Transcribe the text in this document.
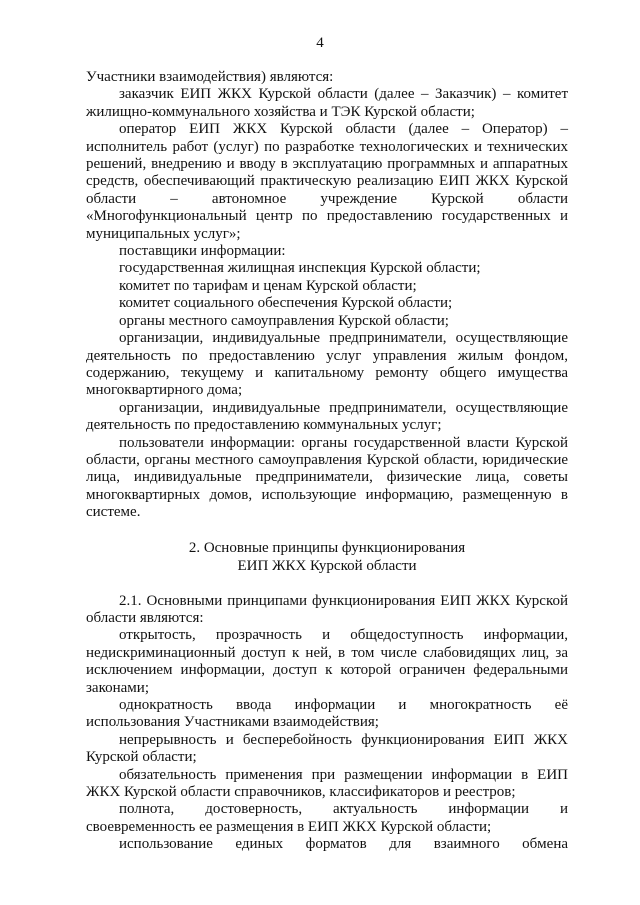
4

Участники взаимодействия) являются:

заказчик ЕИП ЖКХ Курской области (далее – Заказчик) – комитет жилищно-коммунального хозяйства и ТЭК Курской области;

оператор ЕИП ЖКХ Курской области (далее – Оператор) – исполнитель работ (услуг) по разработке технологических и технических решений, внедрению и вводу в эксплуатацию программных и аппаратных средств, обеспечивающий практическую реализацию ЕИП ЖКХ Курской области – автономное учреждение Курской области «Многофункциональный центр по предоставлению государственных и муниципальных услуг»;

поставщики информации:

государственная жилищная инспекция Курской области;

комитет по тарифам и ценам Курской области;

комитет социального обеспечения Курской области;

органы местного самоуправления Курской области;

организации, индивидуальные предприниматели, осуществляющие деятельность по предоставлению услуг управления жилым фондом, содержанию, текущему и капитальному ремонту общего имущества многоквартирного дома;

организации, индивидуальные предприниматели, осуществляющие деятельность по предоставлению коммунальных услуг;

пользователи информации: органы государственной власти Курской области, органы местного самоуправления Курской области, юридические лица, индивидуальные предприниматели, физические лица, советы многоквартирных домов, использующие информацию, размещенную в системе.

2. Основные принципы функционирования
ЕИП ЖКХ Курской области

2.1. Основными принципами функционирования ЕИП ЖКХ Курской области являются:

открытость, прозрачность и общедоступность информации, недискриминационный доступ к ней, в том числе слабовидящих лиц, за исключением информации, доступ к которой ограничен федеральными законами;

однократность ввода информации и многократность её использования Участниками взаимодействия;

непрерывность и бесперебойность функционирования ЕИП ЖКХ Курской области;

обязательность применения при размещении информации в ЕИП ЖКХ Курской области справочников, классификаторов и реестров;

полнота, достоверность, актуальность информации и своевременность ее размещения в ЕИП ЖКХ Курской области;

использование единых форматов для взаимного обмена
